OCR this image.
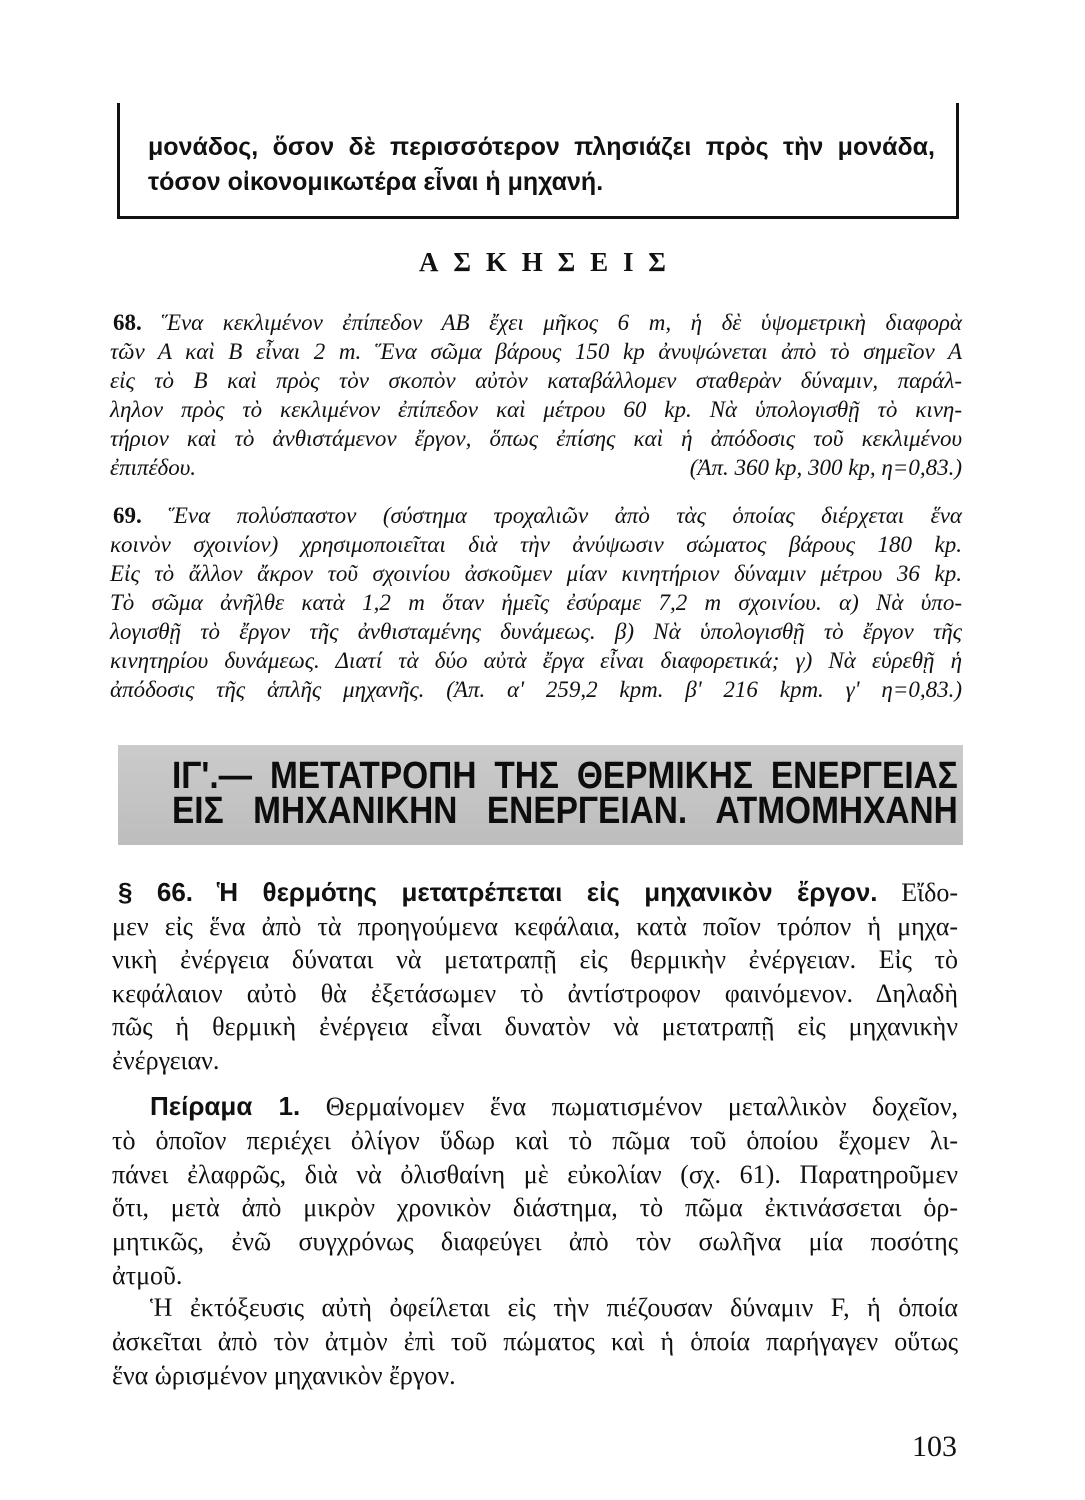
μονάδος, ὅσον δὲ περισσότερον πλησιάζει πρὸς τὴν μονάδα,
τόσον οἰκονομικωτέρα εἶναι ἡ μηχανή.
ΑΣΚΗΣΕΙΣ
68. Ἕνα κεκλιμένον ἐπίπεδον ΑΒ ἔχει μῆκος 6 m, ἡ δὲ ὑψομετρικὴ διαφορὰ
τῶν Α καὶ Β εἶναι 2 m. Ἕνα σῶμα βάρους 150 kp ἀνυψώνεται ἀπὸ τὸ σημεῖον Α
εἰς τὸ Β καὶ πρὸς τὸν σκοπὸν αὐτὸν καταβάλλομεν σταθερὰν δύναμιν, παράλ-
ληλον πρὸς τὸ κεκλιμένον ἐπίπεδον καὶ μέτρου 60 kp. Νὰ ὑπολογισθῇ τὸ κινη-
τήριον καὶ τὸ ἀνθιστάμενον ἔργον, ὅπως ἐπίσης καὶ ἡ ἀπόδοσις τοῦ κεκλιμένου
ἐπιπέδου.	(Ἀπ. 360 kp, 300 kp, η=0,83.)
69. Ἕνα πολύσπαστον (σύστημα τροχαλιῶν ἀπὸ τὰς ὁποίας διέρχεται ἕνα
κοινὸν σχοινίον) χρησιμοποιεῖται διὰ τὴν ἀνύψωσιν σώματος βάρους 180 kp.
Εἰς τὸ ἄλλον ἄκρον τοῦ σχοινίου ἀσκοῦμεν μίαν κινητήριον δύναμιν μέτρου 36 kp.
Τὸ σῶμα ἀνῆλθε κατὰ 1,2 m ὅταν ἡμεῖς ἐσύραμε 7,2 m σχοινίου. α) Νὰ ὑπο-
λογισθῇ τὸ ἔργον τῆς ἀνθισταμένης δυνάμεως. β) Νὰ ὑπολογισθῇ τὸ ἔργον τῆς
κινητηρίου δυνάμεως. Διατί τὰ δύο αὐτὰ ἔργα εἶναι διαφορετικά; γ) Νὰ εὑρεθῇ ἡ
ἀπόδοσις τῆς ἁπλῆς μηχανῆς. (Ἀπ. α' 259,2 kpm. β' 216 kpm. γ' η=0,83.)
ΙΓ'.— ΜΕΤΑΤΡΟΠΗ ΤΗΣ ΘΕΡΜΙΚΗΣ ΕΝΕΡΓΕΙΑΣ
ΕΙΣ ΜΗΧΑΝΙΚΗΝ ΕΝΕΡΓΕΙΑΝ. ΑΤΜΟΜΗΧΑΝΗ
§ 66. Ἡ θερμότης μετατρέπεται εἰς μηχανικὸν ἔργον. Εἴδο-
μεν εἰς ἕνα ἀπὸ τὰ προηγούμενα κεφάλαια, κατὰ ποῖον τρόπον ἡ μηχα-
νικὴ ἐνέργεια δύναται νὰ μετατραπῇ εἰς θερμικὴν ἐνέργειαν. Εἰς τὸ
κεφάλαιον αὐτὸ θὰ ἐξετάσωμεν τὸ ἀντίστροφον φαινόμενον. Δηλαδὴ
πῶς ἡ θερμικὴ ἐνέργεια εἶναι δυνατὸν νὰ μετατραπῇ εἰς μηχανικὴν
ἐνέργειαν.
Πείραμα 1. Θερμαίνομεν ἕνα πωματισμένον μεταλλικὸν δοχεῖον,
τὸ ὁποῖον περιέχει ὀλίγον ὕδωρ καὶ τὸ πῶμα τοῦ ὁποίου ἔχομεν λι-
πάνει ἐλαφρῶς, διὰ νὰ ὀλισθαίνη μὲ εὐκολίαν (σχ. 61). Παρατηροῦμεν
ὅτι, μετὰ ἀπὸ μικρὸν χρονικὸν διάστημα, τὸ πῶμα ἐκτινάσσεται ὁρ-
μητικῶς, ἐνῶ συγχρόνως διαφεύγει ἀπὸ τὸν σωλῆνα μία ποσότης
ἀτμοῦ.
Ἡ ἐκτόξευσις αὐτὴ ὀφείλεται εἰς τὴν πιέζουσαν δύναμιν F, ἡ ὁποία
ἀσκεῖται ἀπὸ τὸν ἀτμὸν ἐπὶ τοῦ πώματος καὶ ἡ ὁποία παρήγαγεν οὕτως
ἕνα ὡρισμένον μηχανικὸν ἔργον.
103
